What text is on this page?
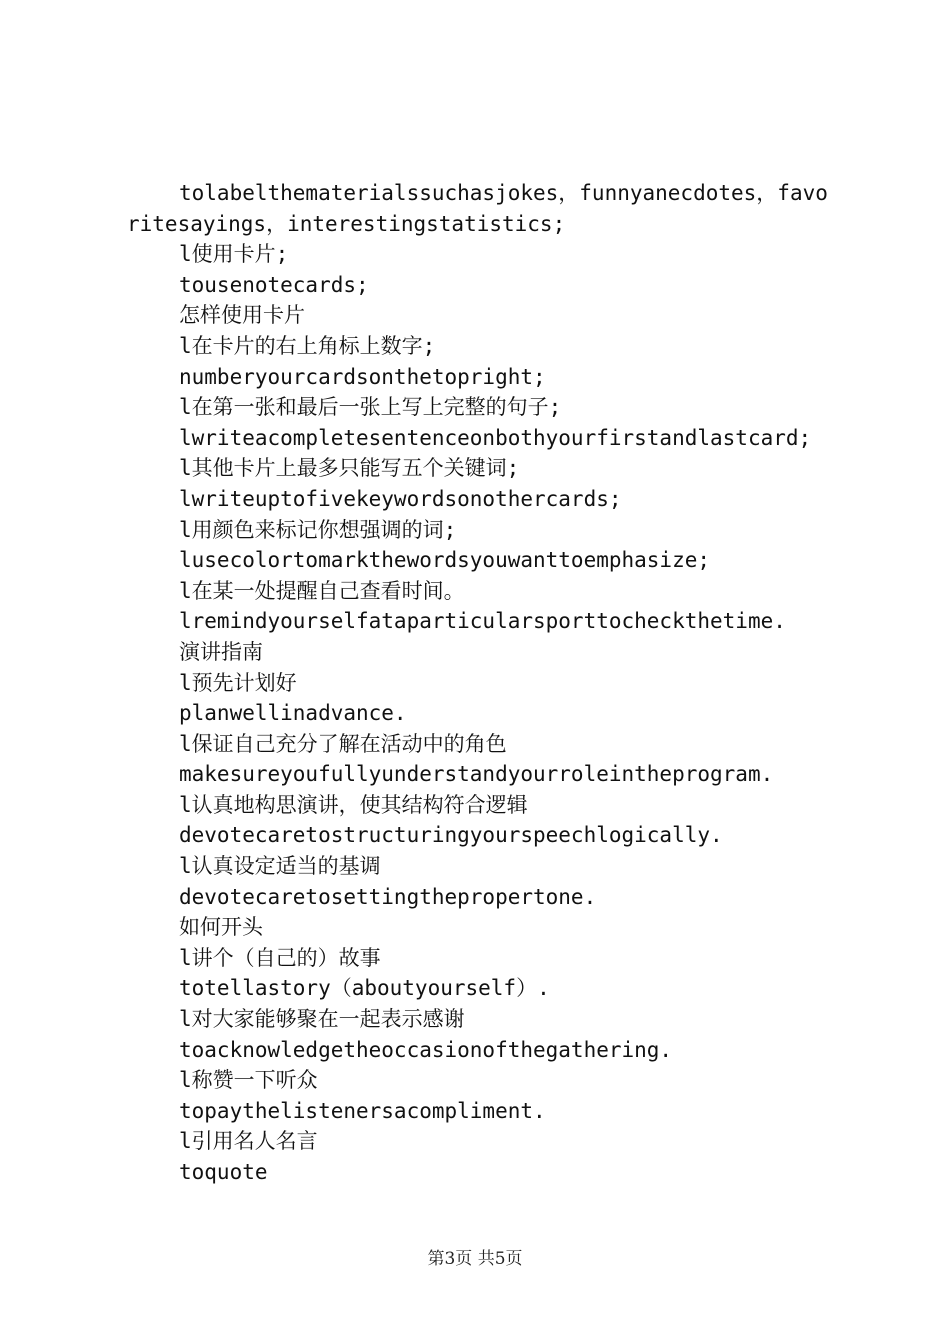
tolabelthematerialssuchasjokes，funnyanecdotes，favoritesayings，interestingstatistics;

l使用卡片;

tousenotecards;

怎样使用卡片

l在卡片的右上角标上数字;

numberyourcardsonthetopright;

l在第一张和最后一张上写上完整的句子;

lwriteacompletesentenceonbothyourfirstandlastcard;

l其他卡片上最多只能写五个关键词;

lwriteuptofivekeywordsonothercards;

l用颜色来标记你想强调的词;

lusecolortomarkthewordsyouwanttoemphasize;

l在某一处提醒自己查看时间。

lremindyourselfataparticularsporttocheckthetime.

演讲指南

l预先计划好

planwellinadvance.

l保证自己充分了解在活动中的角色

makesureyoufullyunderstandyourroleintheprogram.

l认真地构思演讲，使其结构符合逻辑

devotecaretostructuringyourspeechlogically.

l认真设定适当的基调

devotecaretosettingthepropertone.

如何开头

l讲个（自己的）故事

totellastory（aboutyourself）.

l对大家能够聚在一起表示感谢

toacknowledgetheoccasionofthegathering.

l称赞一下听众

topaythelistenersacompliment.

l引用名人名言

toquote

第3页 共5页
